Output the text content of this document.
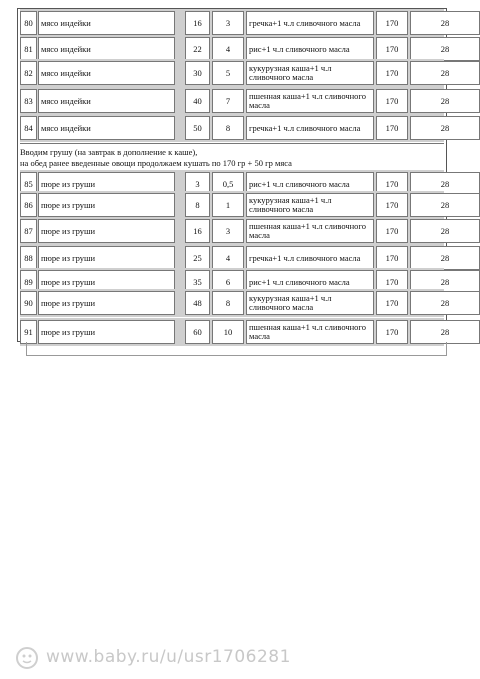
80 мясо индейки	16	3	гречка+1 ч.л сливочного масла	170	28
81 мясо индейки	22	4	рис+1 ч.л сливочного масла	170	28
82 мясо индейки	30	5	кукурузная каша+1 ч.л сливочного масла	170	28
83 мясо индейки	40	7	пшенная каша+1 ч.л сливочного масла	170	28
84 мясо индейки	50	8	гречка+1 ч.л сливочного масла	170	28
Вводим грушу (на завтрак в дополнение к каше),
на обед ранее введенные овощи продолжаем кушать по 170 гр + 50 гр мяса
85 пюре из груши	3	0,5	рис+1 ч.л сливочного масла	170	28
86 пюре из груши	8	1	кукурузная каша+1 ч.л сливочного масла	170	28
87 пюре из груши	16	3	пшенная каша+1 ч.л сливочного масла	170	28
88 пюре из груши	25	4	гречка+1 ч.л сливочного масла	170	28
89 пюре из груши	35	6	рис+1 ч.л сливочного масла	170	28
90 пюре из груши	48	8	кукурузная каша+1 ч.л сливочного масла	170	28
91 пюре из груши	60	10	пшенная каша+1 ч.л сливочного масла	170	28
www.baby.ru/u/usr1706281
